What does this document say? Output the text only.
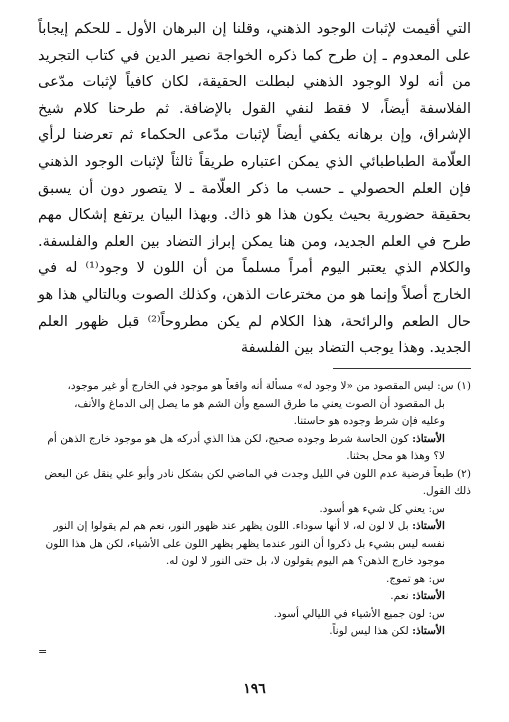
التي أقيمت لإثبات الوجود الذهني، وقلنا إن البرهان الأول ـ للحكم إيجاباً على المعدوم ـ إن طرح كما ذكره الخواجة نصير الدين في كتاب التجريد من أنه لولا الوجود الذهني لبطلت الحقيقة، لكان كافياً لإثبات مدّعى الفلاسفة أيضاً، لا فقط لنفي القول بالإضافة. ثم طرحنا كلام شيخ الإشراق، وإن برهانه يكفي أيضاً لإثبات مدّعى الحكماء ثم تعرضنا لرأي العلّامة الطباطبائي الذي يمكن اعتباره طريقاً ثالثاً لإثبات الوجود الذهني فإن العلم الحصولي ـ حسب ما ذكر العلّامة ـ لا يتصور دون أن يسبق بحقيقة حضورية بحيث يكون هذا هو ذاك. وبهذا البيان يرتفع إشكال مهم طرح في العلم الجديد، ومن هنا يمكن إبراز التضاد بين العلم والفلسفة. والكلام الذي يعتبر اليوم أمراً مسلماً من أن اللون لا وجود⁽¹⁾ له في الخارج أصلاً وإنما هو من مخترعات الذهن، وكذلك الصوت وبالتالي هذا هو حال الطعم والرائحة، هذا الكلام لم يكن مطروحاً⁽²⁾ قبل ظهور العلم الجديد. وهذا يوجب التضاد بين الفلسفة

(١) س: ليس المقصود من «لا وجود له» مسألة أنه واقعاً هو موجود في الخارج أو غير موجود،

بل المقصود أن الصوت يعني ما طرق السمع وأن الشم هو ما يصل إلى الدماغ والأنف،

وعليه فإن شرط وجوده هو حاستنا.

الأستاذ: كون الحاسة شرط وجوده صحيح، لكن هذا الذي أدركه هل هو موجود خارج الذهن أم لا؟ وهذا هو محل بحثنا.

(٢) طبعاً فرضية عدم اللون في الليل وجدت في الماضي لكن بشكل نادر وأبو علي ينقل عن البعض ذلك القول.

س: يعني كل شيء هو أسود.

الأستاذ: بل لا لون له، لا أنها سوداء. اللون يظهر عند ظهور النور، نعم هم لم يقولوا إن النور نفسه ليس بشيء بل ذكروا أن النور عندما يظهر يظهر اللون على الأشياء، لكن هل هذا اللون موجود خارج الذهن؟ هم اليوم يقولون لا، بل حتى النور لا لون له.

س: هو تموج.

الأستاذ: نعم.

س: لون جميع الأشياء في الليالي أسود.

الأستاذ: لكن هذا ليس لوناً.

=
١٩٦
